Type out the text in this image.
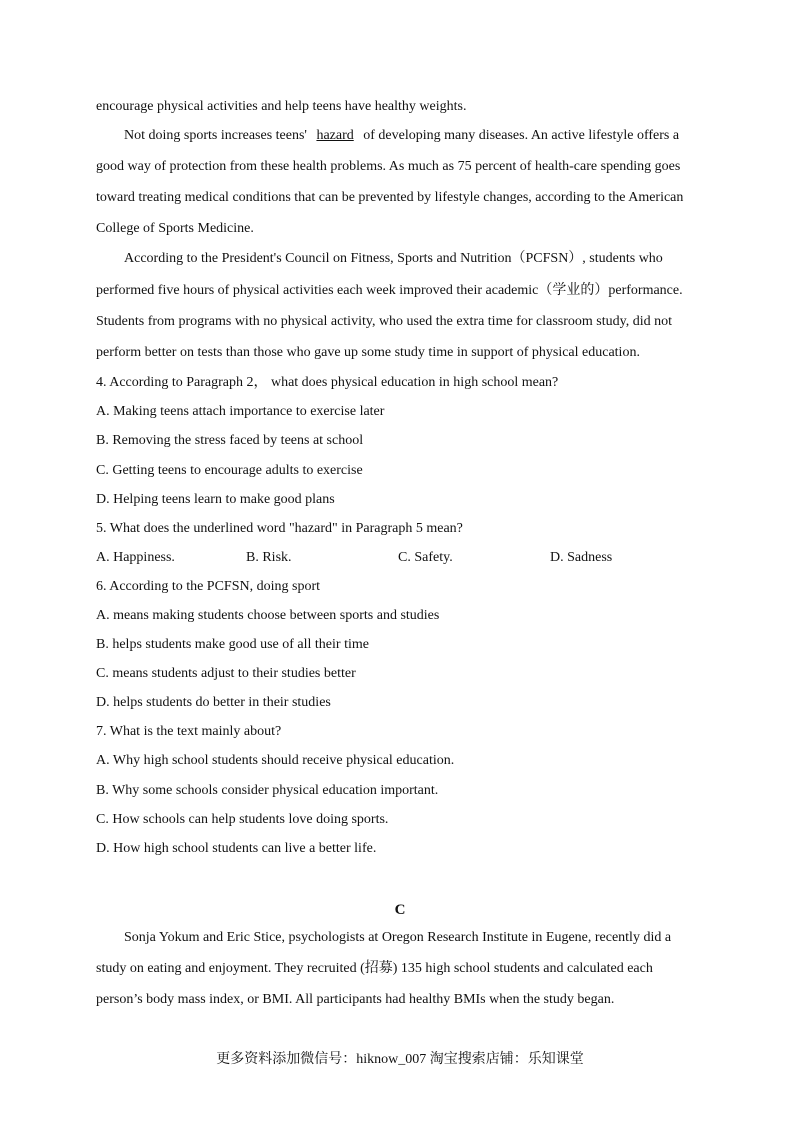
encourage physical activities and help teens have healthy weights.
Not doing sports increases teens' hazard of developing many diseases. An active lifestyle offers a
good way of protection from these health problems. As much as 75 percent of health-care spending goes
toward treating medical conditions that can be prevented by lifestyle changes, according to the American
College of Sports Medicine.
According to the President's Council on Fitness, Sports and Nutrition（PCFSN）, students who
performed five hours of physical activities each week improved their academic（学业的）performance.
Students from programs with no physical activity, who used the extra time for classroom study, did not
perform better on tests than those who gave up some study time in support of physical education.
4. According to Paragraph 2， what does physical education in high school mean?
A. Making teens attach importance to exercise later
B. Removing the stress faced by teens at school
C. Getting teens to encourage adults to exercise
D. Helping teens learn to make good plans
5. What does the underlined word "hazard" in Paragraph 5 mean?
A. Happiness.	B. Risk.	C. Safety.	D. Sadness
6. According to the PCFSN, doing sport
A. means making students choose between sports and studies
B. helps students make good use of all their time
C. means students adjust to their studies better
D. helps students do better in their studies
7. What is the text mainly about?
A. Why high school students should receive physical education.
B. Why some schools consider physical education important.
C. How schools can help students love doing sports.
D. How high school students can live a better life.
C
Sonja Yokum and Eric Stice, psychologists at Oregon Research Institute in Eugene, recently did a
study on eating and enjoyment. They recruited (招募) 135 high school students and calculated each
person’s body mass index, or BMI. All participants had healthy BMIs when the study began.
更多资料添加微信号：hiknow_007 淘宝搜索店铺：乐知课堂
